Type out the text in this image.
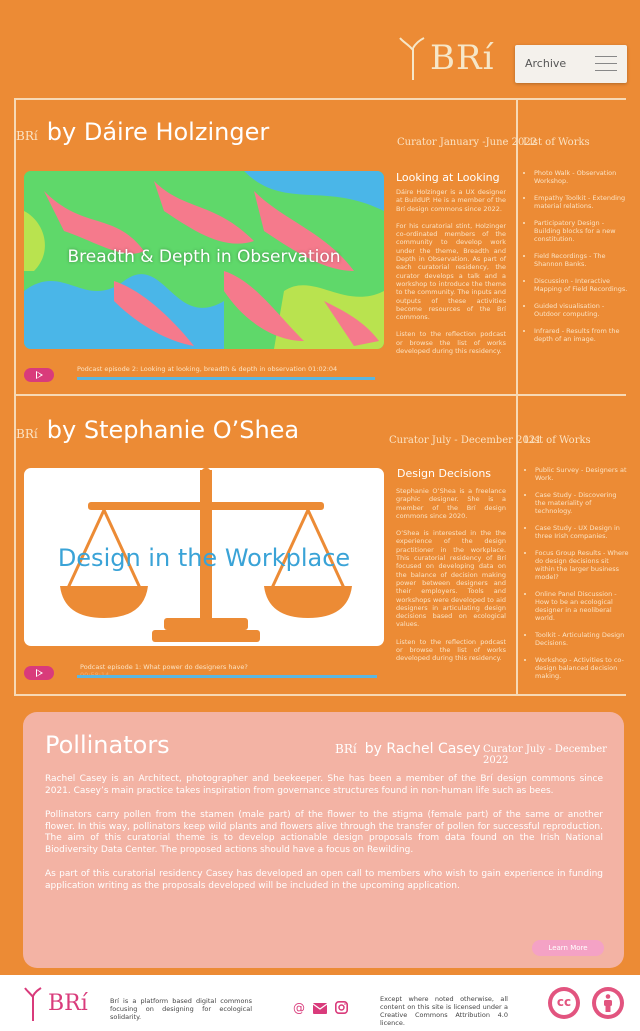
BRí	Archive
BRí by Dáire Holzinger	Curator January -June 2022
List of Works
Breadth & Depth in Observation
Looking at Looking

Dáire Holzinger is a UX designer at BuildUP. He is a member of the Brí design commons since 2022.

For his curatorial stint, Holzinger co-ordinated members of the community to develop work under the theme, Breadth and Depth in Observation. As part of each curatorial residency, the curator develops a talk and a workshop to introduce the theme to the community. The inputs and outputs of these activities become resources of the Brí commons.

Listen to the reflection podcast or browse the list of works developed during this residency.

• Photo Walk - Observation Workshop.
• Empathy Toolkit - Extending material relations.
• Participatory Design - Building blocks for a new constitution.
• Field Recordings - The Shannon Banks.
• Discussion - Interactive Mapping of Field Recordings.
• Guided visualisation - Outdoor computing.
• Infrared - Results from the depth of an image.
Podcast episode 2: Looking at looking, breadth & depth in observation 01:02:04
BRí by Stephanie O’Shea	Curator July - December 2021
List of Works
Design in the Workplace
Design Decisions

Stephanie O’Shea is a freelance graphic designer. She is a member of the Brí design commons since 2020.

O’Shea is interested in the the experience of the design practitioner in the workplace. This curatorial residency of Brí focused on developing data on the balance of decision making power between designers and their employers. Tools and workshops were developed to aid designers in articulating design decisions based on ecological values.

Listen to the reflection podcast or browse the list of works developed during this residency.

• Public Survey - Designers at Work.
• Case Study - Discovering the materiality of technology.
• Case Study - UX Design in three Irish companies.
• Focus Group Results - Where do design decisions sit within the larger business model?
• Online Panel Discussion - How to be an ecological designer in a neoliberal world.
• Toolkit - Articulating Design Decisions.
• Workshop - Activities to co-design balanced decision making.
Podcast episode 1: What power do designers have?
Pollinators	BRí by Rachel Casey Curator July - December 2022

Rachel Casey is an Architect, photographer and beekeeper. She has been a member of the Brí design commons since 2021. Casey’s main practice takes inspiration from governance structures found in non-human life such as bees.

Pollinators carry pollen from the stamen (male part) of the flower to the stigma (female part) of the same or another flower. In this way, pollinators keep wild plants and flowers alive through the transfer of pollen for successful reproduction. The aim of this curatorial theme is to develop actionable design proposals from data found on the Irish National Biodiversity Data Center. The proposed actions should have a focus on Rewilding.

As part of this curatorial residency Casey has developed an open call to members who wish to gain experience in funding application writing as the proposals developed will be included in the upcoming application.

Learn More
BRí	Brí is a platform based digital commons focusing on designing for ecological solidarity.
@
Except where noted otherwise, all content on this site is licensed under a Creative Commons Attribution 4.0 licence.
cc
